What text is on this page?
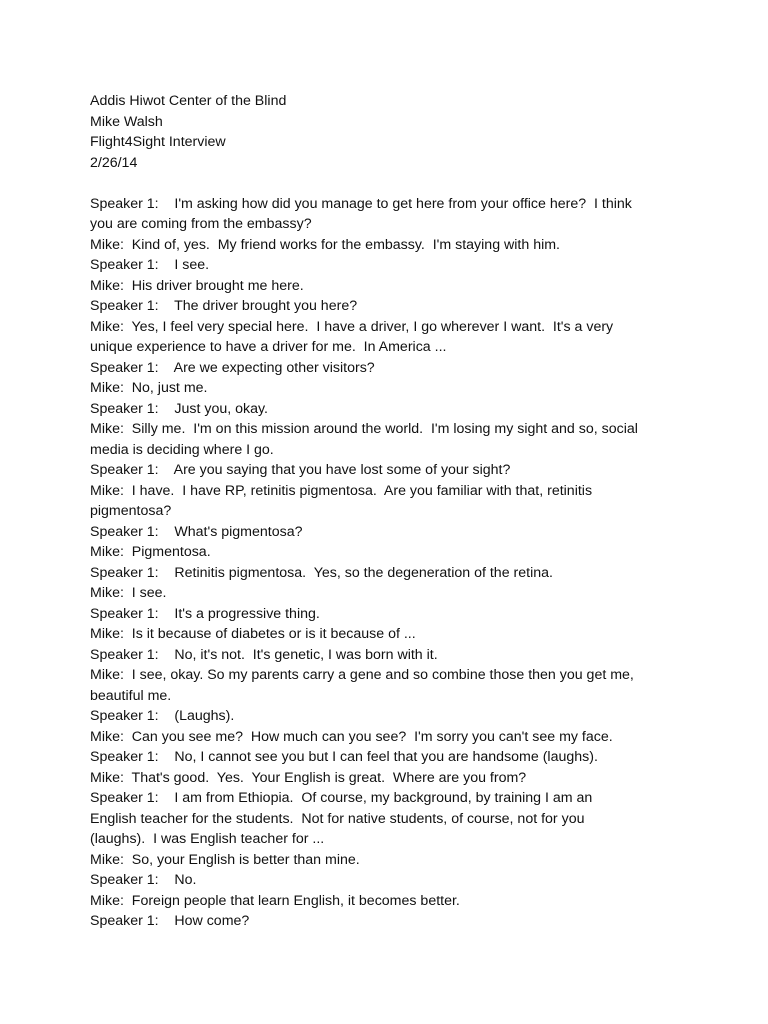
Addis Hiwot Center of the Blind
Mike Walsh
Flight4Sight Interview
2/26/14
Speaker 1:    I'm asking how did you manage to get here from your office here?  I think
you are coming from the embassy?
Mike:  Kind of, yes.  My friend works for the embassy.  I'm staying with him.
Speaker 1:    I see.
Mike:  His driver brought me here.
Speaker 1:    The driver brought you here?
Mike:  Yes, I feel very special here.  I have a driver, I go wherever I want.  It's a very
unique experience to have a driver for me.  In America ...
Speaker 1:    Are we expecting other visitors?
Mike:  No, just me.
Speaker 1:    Just you, okay.
Mike:  Silly me.  I'm on this mission around the world.  I'm losing my sight and so, social
media is deciding where I go.
Speaker 1:    Are you saying that you have lost some of your sight?
Mike:  I have.  I have RP, retinitis pigmentosa.  Are you familiar with that, retinitis
pigmentosa?
Speaker 1:    What's pigmentosa?
Mike:  Pigmentosa.
Speaker 1:    Retinitis pigmentosa.  Yes, so the degeneration of the retina.
Mike:  I see.
Speaker 1:    It's a progressive thing.
Mike:  Is it because of diabetes or is it because of ...
Speaker 1:    No, it's not.  It's genetic, I was born with it.
Mike:  I see, okay. So my parents carry a gene and so combine those then you get me,
beautiful me.
Speaker 1:    (Laughs).
Mike:  Can you see me?  How much can you see?  I'm sorry you can't see my face.
Speaker 1:    No, I cannot see you but I can feel that you are handsome (laughs).
Mike:  That's good.  Yes.  Your English is great.  Where are you from?
Speaker 1:    I am from Ethiopia.  Of course, my background, by training I am an
English teacher for the students.  Not for native students, of course, not for you
(laughs).  I was English teacher for ...
Mike:  So, your English is better than mine.
Speaker 1:    No.
Mike:  Foreign people that learn English, it becomes better.
Speaker 1:    How come?
